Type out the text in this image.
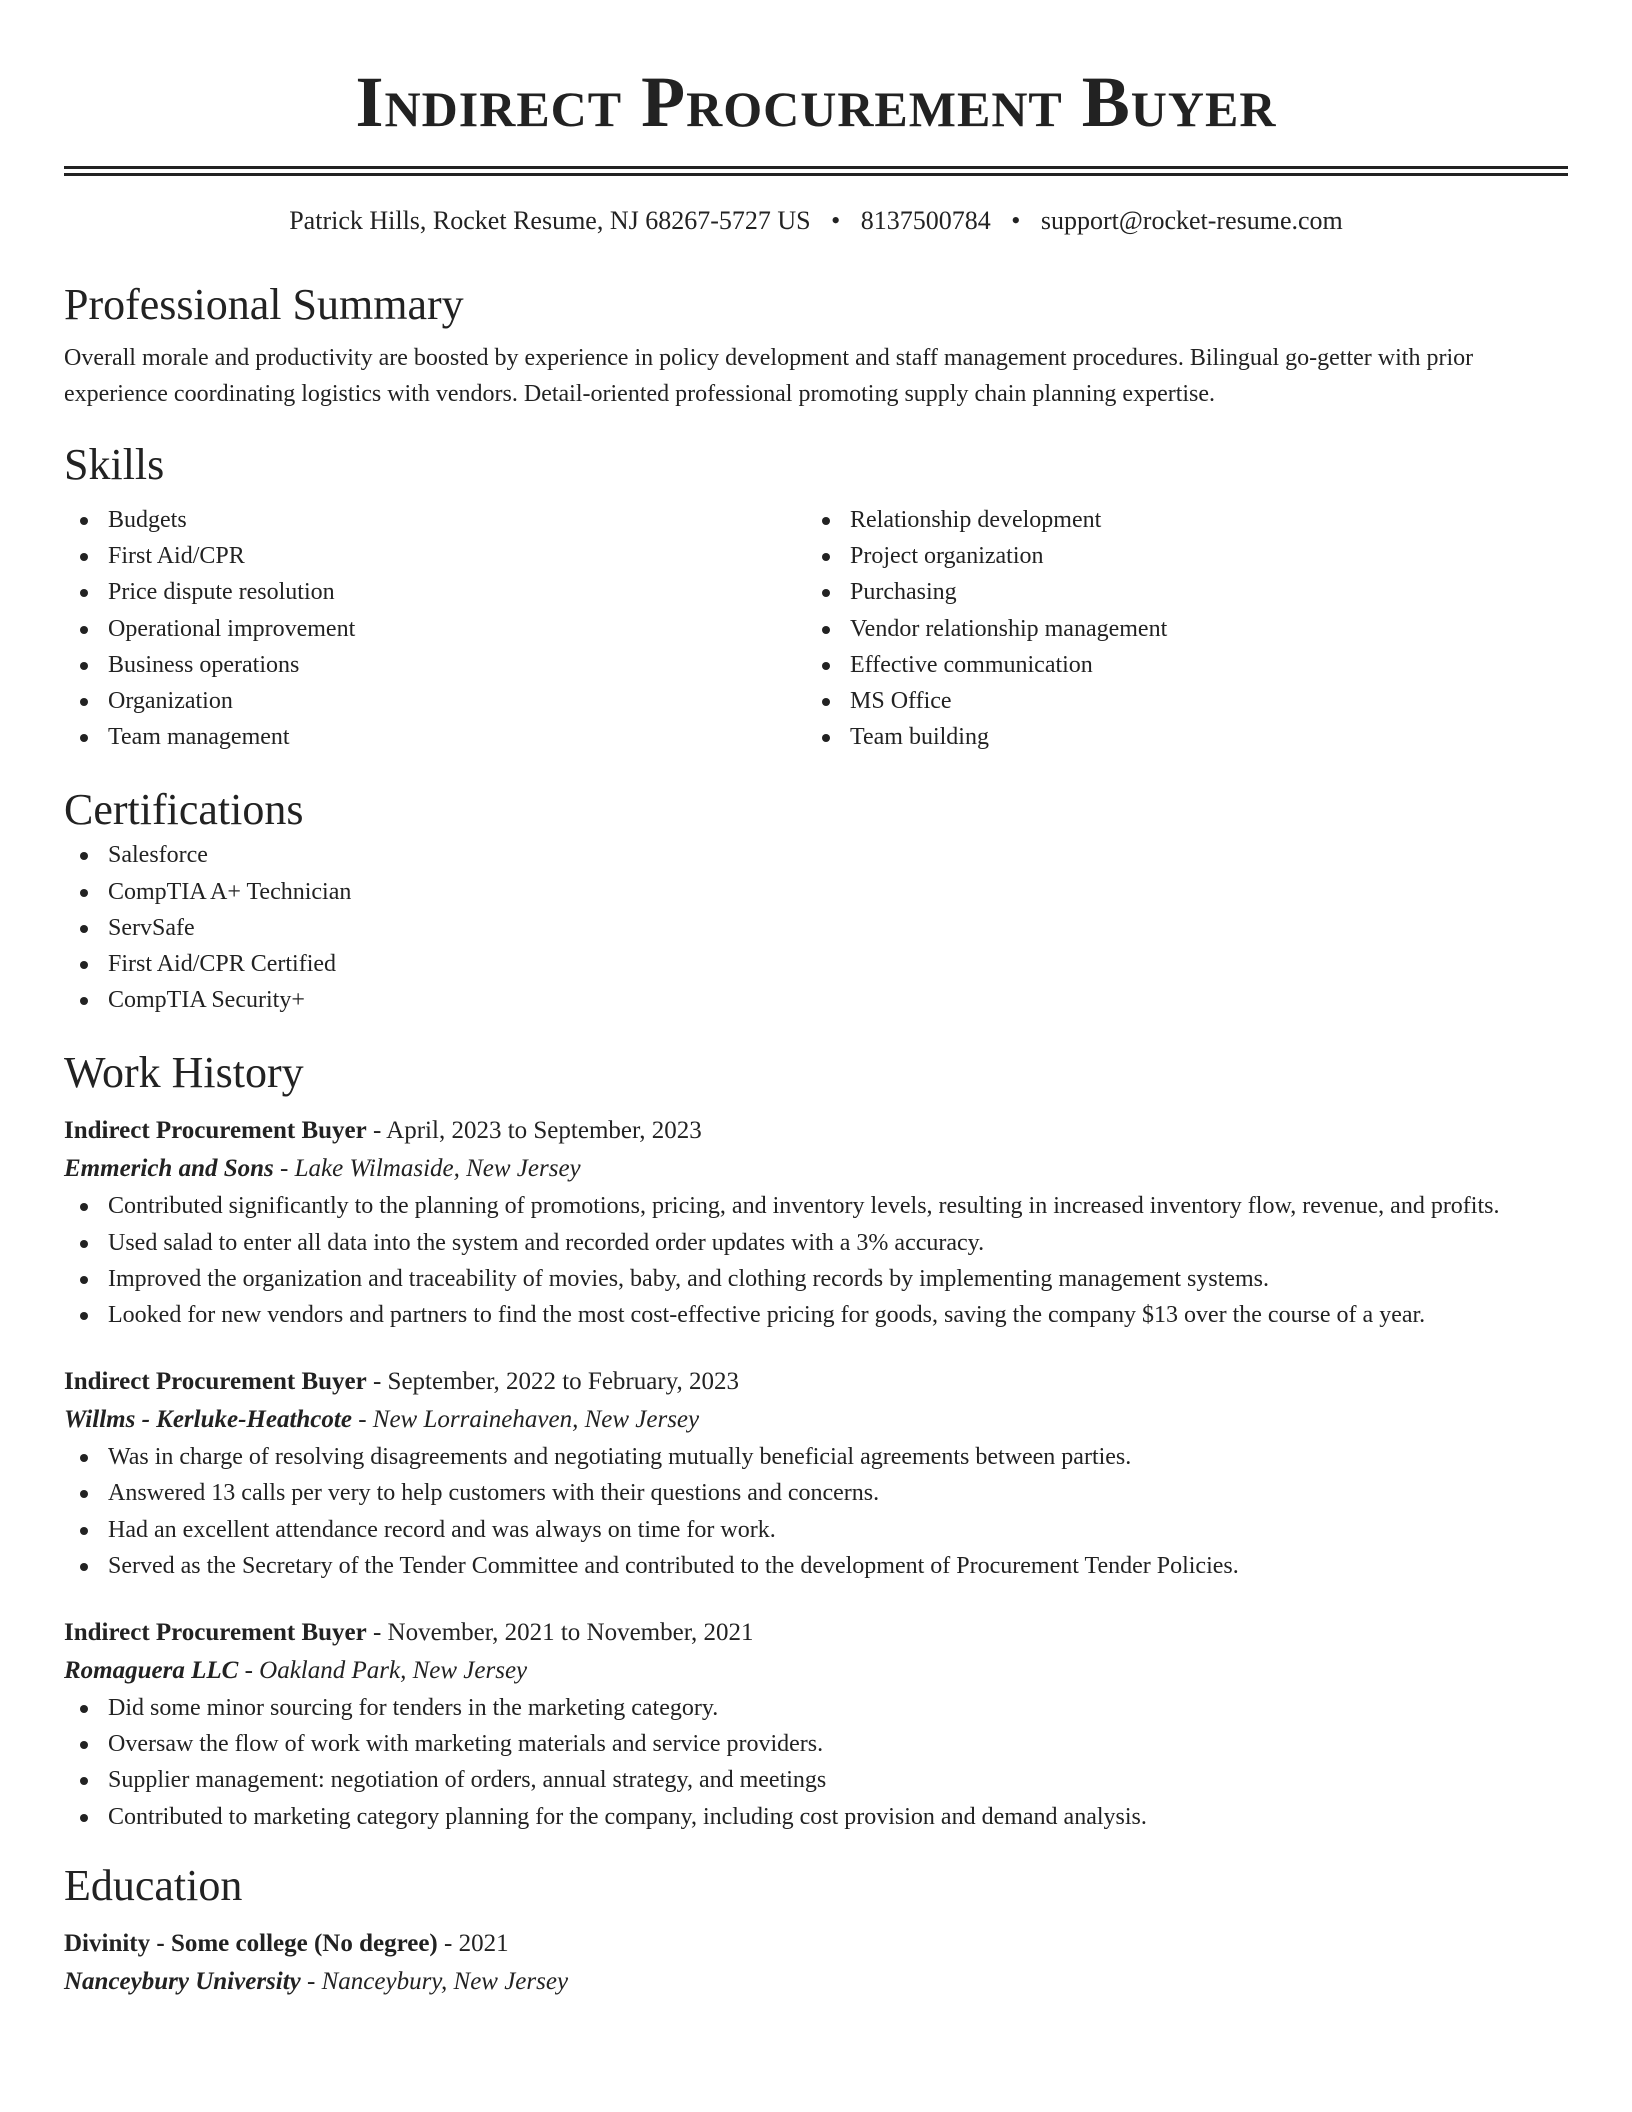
Indirect Procurement Buyer
Patrick Hills, Rocket Resume, NJ 68267-5727 US • 8137500784 • support@rocket-resume.com
Professional Summary

Overall morale and productivity are boosted by experience in policy development and staff management procedures. Bilingual go-getter with prior experience coordinating logistics with vendors. Detail-oriented professional promoting supply chain planning expertise.

Skills
Budgets
First Aid/CPR
Price dispute resolution
Operational improvement
Business operations
Organization
Team management
Relationship development
Project organization
Purchasing
Vendor relationship management
Effective communication
MS Office
Team building
Certifications
Salesforce
CompTIA A+ Technician
ServSafe
First Aid/CPR Certified
CompTIA Security+
Work History
Indirect Procurement Buyer - April, 2023 to September, 2023
Emmerich and Sons - Lake Wilmaside, New Jersey
Contributed significantly to the planning of promotions, pricing, and inventory levels, resulting in increased inventory flow, revenue, and profits.
Used salad to enter all data into the system and recorded order updates with a 3% accuracy.
Improved the organization and traceability of movies, baby, and clothing records by implementing management systems.
Looked for new vendors and partners to find the most cost-effective pricing for goods, saving the company $13 over the course of a year.
Indirect Procurement Buyer - September, 2022 to February, 2023
Willms - Kerluke-Heathcote - New Lorrainehaven, New Jersey
Was in charge of resolving disagreements and negotiating mutually beneficial agreements between parties.
Answered 13 calls per very to help customers with their questions and concerns.
Had an excellent attendance record and was always on time for work.
Served as the Secretary of the Tender Committee and contributed to the development of Procurement Tender Policies.
Indirect Procurement Buyer - November, 2021 to November, 2021
Romaguera LLC - Oakland Park, New Jersey
Did some minor sourcing for tenders in the marketing category.
Oversaw the flow of work with marketing materials and service providers.
Supplier management: negotiation of orders, annual strategy, and meetings
Contributed to marketing category planning for the company, including cost provision and demand analysis.
Education
Divinity - Some college (No degree) - 2021
Nanceybury University - Nanceybury, New Jersey
